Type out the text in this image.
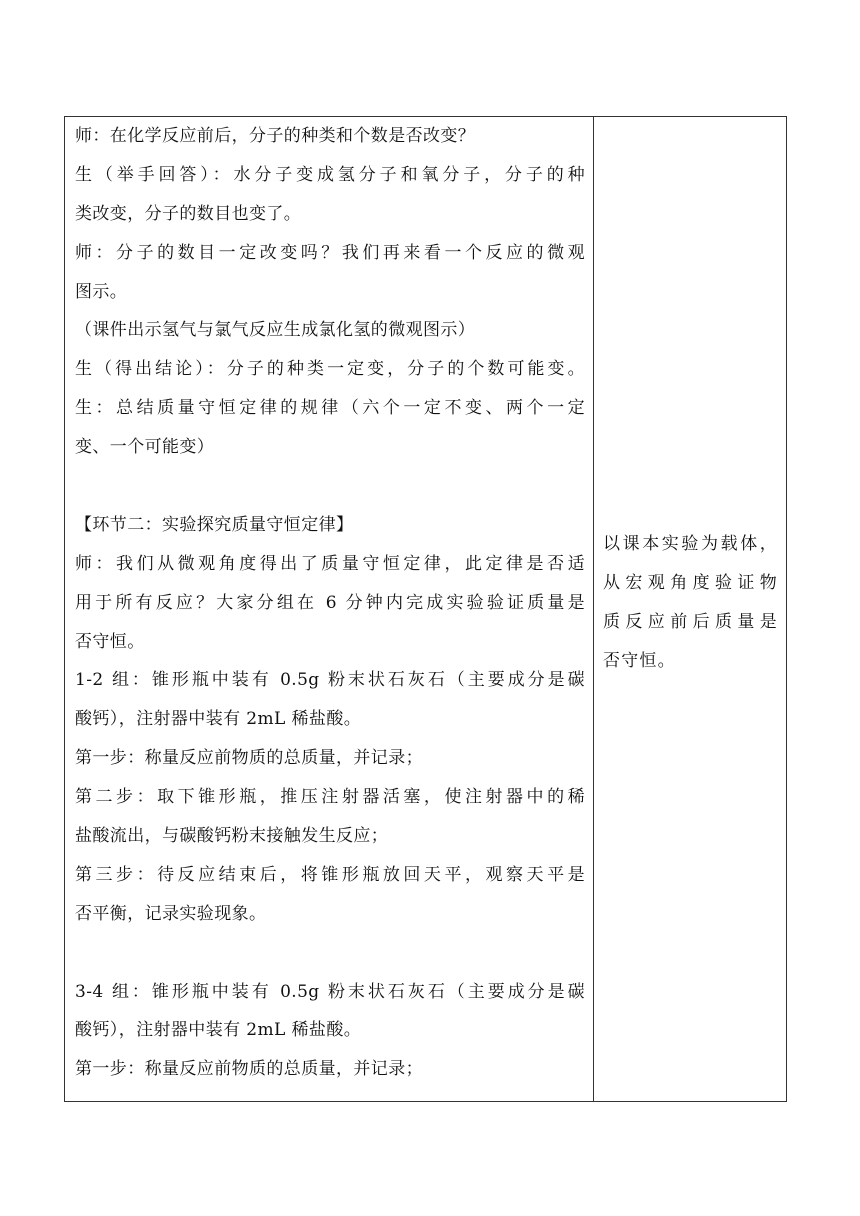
师：在化学反应前后，分子的种类和个数是否改变？
生（举手回答）：水分子变成氢分子和氧分子，分子的种
类改变，分子的数目也变了。
师：分子的数目一定改变吗？我们再来看一个反应的微观
图示。
（课件出示氢气与氯气反应生成氯化氢的微观图示）
生（得出结论）：分子的种类一定变，分子的个数可能变。
生：总结质量守恒定律的规律（六个一定不变、两个一定
变、一个可能变）
【环节二：实验探究质量守恒定律】
师：我们从微观角度得出了质量守恒定律，此定律是否适
用于所有反应？大家分组在 6 分钟内完成实验验证质量是
否守恒。
1-2 组：锥形瓶中装有 0.5g 粉末状石灰石（主要成分是碳
酸钙），注射器中装有 2mL 稀盐酸。
第一步：称量反应前物质的总质量，并记录；
第二步：取下锥形瓶，推压注射器活塞，使注射器中的稀
盐酸流出，与碳酸钙粉末接触发生反应；
第三步：待反应结束后，将锥形瓶放回天平，观察天平是
否平衡，记录实验现象。
3-4 组：锥形瓶中装有 0.5g 粉末状石灰石（主要成分是碳
酸钙），注射器中装有 2mL 稀盐酸。
第一步：称量反应前物质的总质量，并记录；
以课本实验为载体，
从宏观角度验证物
质反应前后质量是
否守恒。
